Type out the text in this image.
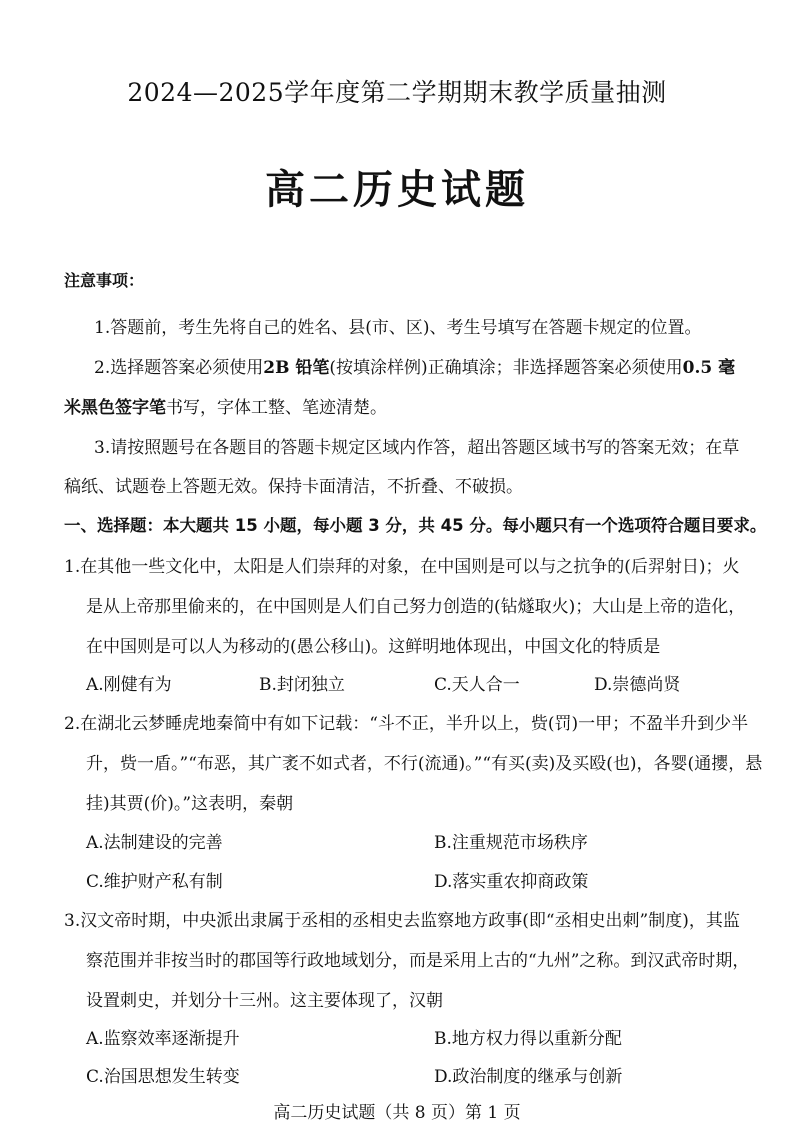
2024—2025学年度第二学期期末教学质量抽测
高二历史试题
注意事项：
1.答题前，考生先将自己的姓名、县(市、区)、考生号填写在答题卡规定的位置。
2.选择题答案必须使用2B 铅笔(按填涂样例)正确填涂；非选择题答案必须使用0.5 毫
米黑色签字笔书写，字体工整、笔迹清楚。
3.请按照题号在各题目的答题卡规定区域内作答，超出答题区域书写的答案无效；在草
稿纸、试题卷上答题无效。保持卡面清洁，不折叠、不破损。
一、选择题：本大题共 15 小题，每小题 3 分，共 45 分。每小题只有一个选项符合题目要求。
1.在其他一些文化中，太阳是人们崇拜的对象，在中国则是可以与之抗争的(后羿射日)；火
是从上帝那里偷来的，在中国则是人们自己努力创造的(钻燧取火)；大山是上帝的造化，
在中国则是可以人为移动的(愚公移山)。这鲜明地体现出，中国文化的特质是
A.刚健有为	B.封闭独立	C.天人合一	D.崇德尚贤
2.在湖北云梦睡虎地秦简中有如下记载：“斗不正，半升以上，赀(罚)一甲；不盈半升到少半
升，赀一盾。”“布恶，其广袤不如式者，不行(流通)。”“有买(卖)及买殴(也)，各婴(通攖，悬
挂)其贾(价)。”这表明，秦朝
A.法制建设的完善	B.注重规范市场秩序
C.维护财产私有制	D.落实重农抑商政策
3.汉文帝时期，中央派出隶属于丞相的丞相史去监察地方政事(即“丞相史出刺”制度)，其监
察范围并非按当时的郡国等行政地域划分，而是采用上古的“九州”之称。到汉武帝时期，
设置刺史，并划分十三州。这主要体现了，汉朝
A.监察效率逐渐提升	B.地方权力得以重新分配
C.治国思想发生转变	D.政治制度的继承与创新
高二历史试题（共 8 页）第 1 页
